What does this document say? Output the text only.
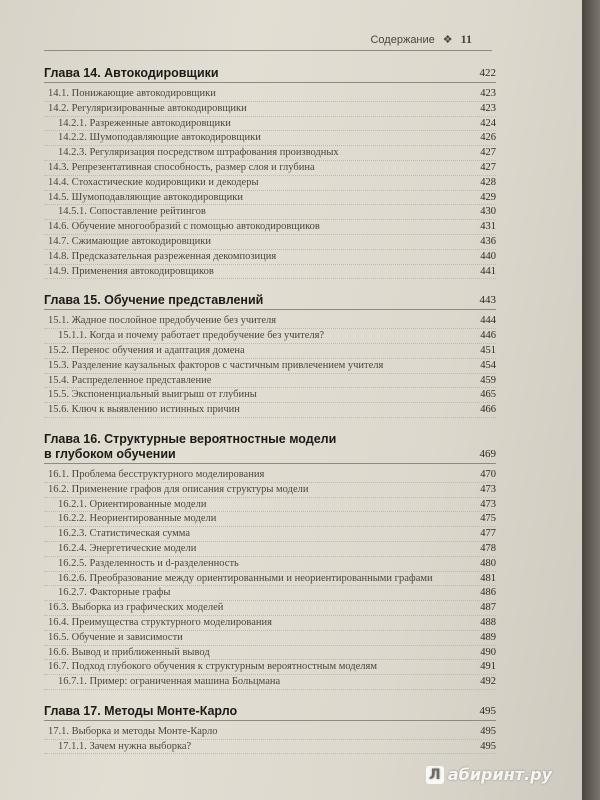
Содержание ❖ 11
Глава 14. Автокодировщики	422
14.1. Понижающие автокодировщики	423
14.2. Регуляризированные автокодировщики	423
14.2.1. Разреженные автокодировщики	424
14.2.2. Шумоподавляющие автокодировщики	426
14.2.3. Регуляризация посредством штрафования производных	427
14.3. Репрезентативная способность, размер слоя и глубина	427
14.4. Стохастические кодировщики и декодеры	428
14.5. Шумоподавляющие автокодировщики	429
14.5.1. Сопоставление рейтингов	430
14.6. Обучение многообразий с помощью автокодировщиков	431
14.7. Сжимающие автокодировщики	436
14.8. Предсказательная разреженная декомпозиция	440
14.9. Применения автокодировщиков	441
Глава 15. Обучение представлений	443
15.1. Жадное послойное предобучение без учителя	444
15.1.1. Когда и почему работает предобучение без учителя?	446
15.2. Перенос обучения и адаптация домена	451
15.3. Разделение каузальных факторов с частичным привлечением учителя	454
15.4. Распределенное представление	459
15.5. Экспоненциальный выигрыш от глубины	465
15.6. Ключ к выявлению истинных причин	466
Глава 16. Структурные вероятностные модели
в глубоком обучении	469
16.1. Проблема бесструктурного моделирования	470
16.2. Применение графов для описания структуры модели	473
16.2.1. Ориентированные модели	473
16.2.2. Неориентированные модели	475
16.2.3. Статистическая сумма	477
16.2.4. Энергетические модели	478
16.2.5. Разделенность и d-разделенность	480
16.2.6. Преобразование между ориентированными и неориентированными графами	481
16.2.7. Факторные графы	486
16.3. Выборка из графических моделей	487
16.4. Преимущества структурного моделирования	488
16.5. Обучение и зависимости	489
16.6. Вывод и приближенный вывод	490
16.7. Подход глубокого обучения к структурным вероятностным моделям	491
16.7.1. Пример: ограниченная машина Больцмана	492
Глава 17. Методы Монте-Карло	495
17.1. Выборка и методы Монте-Карло	495
17.1.1. Зачем нужна выборка?	495
Л абиринт.ру
